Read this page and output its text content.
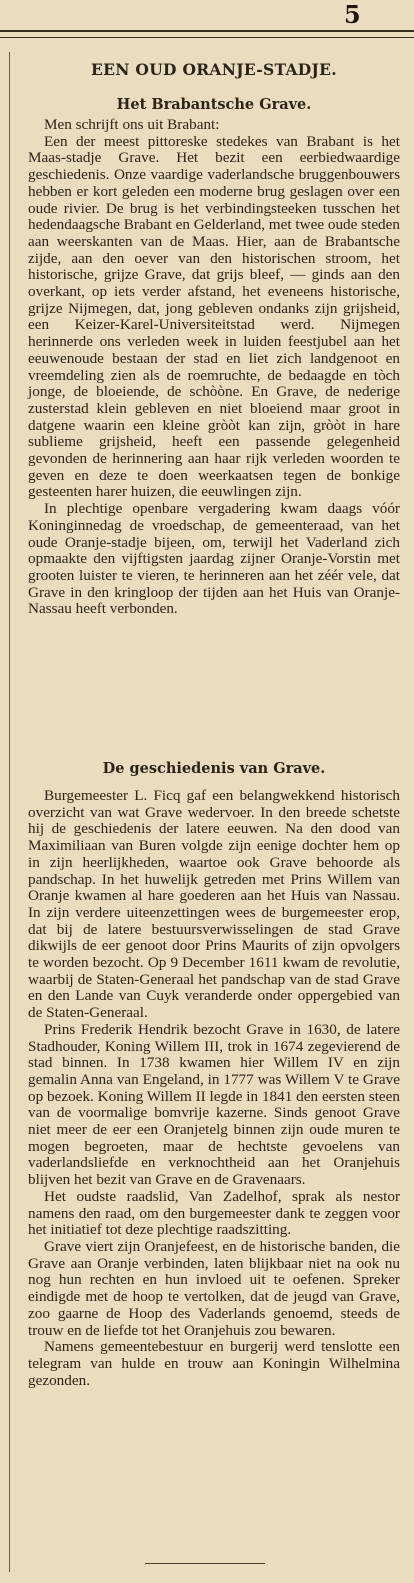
5
EEN OUD ORANJE-STADJE.
Het Brabantsche Grave.

Men schrijft ons uit Brabant:

Een der meest pittoreske stedekes van Brabant is het Maas-stadje Grave. Het bezit een eerbiedwaardige geschiedenis. Onze vaardige vaderlandsche bruggenbouwers hebben er kort geleden een moderne brug geslagen over een oude rivier. De brug is het verbindingsteeken tusschen het hedendaagsche Brabant en Gelderland, met twee oude steden aan weerskanten van de Maas. Hier, aan de Brabantsche zijde, aan den oever van den historischen stroom, het historische, grijze Grave, dat grijs bleef, — ginds aan den overkant, op iets verder afstand, het eveneens historische, grijze Nijmegen, dat, jong gebleven ondanks zijn grijsheid, een Keizer-Karel-Universiteitstad werd. Nijmegen herinnerde ons verleden week in luiden feestjubel aan het eeuwenoude bestaan der stad en liet zich landgenoot en vreemdeling zien als de roemruchte, de bedaagde en tòch jonge, de bloeiende, de schòòne. En Grave, de nederige zusterstad klein gebleven en niet bloeiend maar groot in datgene waarin een kleine gròòt kan zijn, gròòt in hare sublieme grijsheid, heeft een passende gelegenheid gevonden de herinnering aan haar rijk verleden woorden te geven en deze te doen weerkaatsen tegen de bonkige gesteenten harer huizen, die eeuwlingen zijn.

In plechtige openbare vergadering kwam daags vóór Koninginnedag de vroedschap, de gemeenteraad, van het oude Oranje-stadje bijeen, om, terwijl het Vaderland zich opmaakte den vijftigsten jaardag zijner Oranje-Vorstin met grooten luister te vieren, te herinneren aan het zéér vele, dat Grave in den kringloop der tijden aan het Huis van Oranje-Nassau heeft verbonden.

De geschiedenis van Grave.

Burgemeester L. Ficq gaf een belangwekkend historisch overzicht van wat Grave wedervoer. In den breede schetste hij de geschiedenis der latere eeuwen. Na den dood van Maximiliaan van Buren volgde zijn eenige dochter hem op in zijn heerlijkheden, waartoe ook Grave behoorde als pandschap. In het huwelijk getreden met Prins Willem van Oranje kwamen al hare goederen aan het Huis van Nassau. In zijn verdere uiteenzettingen wees de burgemeester erop, dat bij de latere bestuursverwisselingen de stad Grave dikwijls de eer genoot door Prins Maurits of zijn opvolgers te worden bezocht. Op 9 December 1611 kwam de revolutie, waarbij de Staten-Generaal het pandschap van de stad Grave en den Lande van Cuyk veranderde onder oppergebied van de Staten-Generaal.

Prins Frederik Hendrik bezocht Grave in 1630, de latere Stadhouder, Koning Willem III, trok in 1674 zegevierend de stad binnen. In 1738 kwamen hier Willem IV en zijn gemalin Anna van Engeland, in 1777 was Willem V te Grave op bezoek. Koning Willem II legde in 1841 den eersten steen van de voormalige bomvrije kazerne. Sinds genoot Grave niet meer de eer een Oranjetelg binnen zijn oude muren te mogen begroeten, maar de hechtste gevoelens van vaderlandsliefde en verknochtheid aan het Oranjehuis blijven het bezit van Grave en de Gravenaars.

Het oudste raadslid, Van Zadelhof, sprak als nestor namens den raad, om den burgemeester dank te zeggen voor het initiatief tot deze plechtige raadszitting.

Grave viert zijn Oranjefeest, en de historische banden, die Grave aan Oranje verbinden, laten blijkbaar niet na ook nu nog hun rechten en hun invloed uit te oefenen. Spreker eindigde met de hoop te vertolken, dat de jeugd van Grave, zoo gaarne de Hoop des Vaderlands genoemd, steeds de trouw en de liefde tot het Oranjehuis zou bewaren.

Namens gemeentebestuur en burgerij werd tenslotte een telegram van hulde en trouw aan Koningin Wilhelmina gezonden.
